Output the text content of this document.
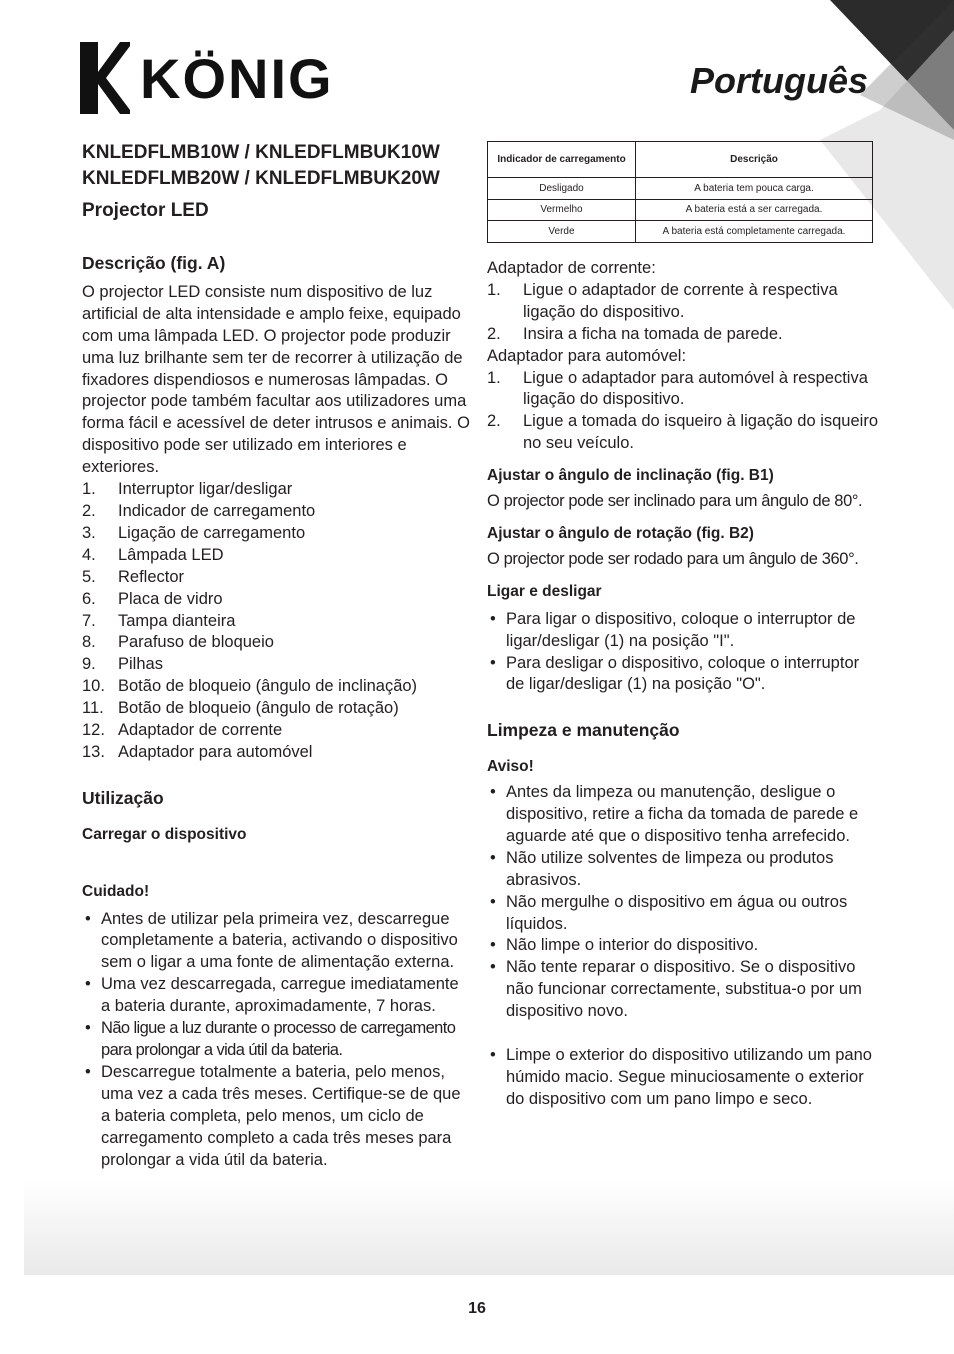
KÖNIG	Português
KNLEDFLMB10W / KNLEDFLMBUK10W
KNLEDFLMB20W / KNLEDFLMBUK20W
Projector LED
Descrição (fig. A)

O projector LED consiste num dispositivo de luz artificial de alta intensidade e amplo feixe, equipado com uma lâmpada LED. O projector pode produzir uma luz brilhante sem ter de recorrer à utilização de fixadores dispendiosos e numerosas lâmpadas. O projector pode também facultar aos utilizadores uma forma fácil e acessível de deter intrusos e animais. O dispositivo pode ser utilizado em interiores e exteriores.

1.	Interruptor ligar/desligar
2.	Indicador de carregamento
3.	Ligação de carregamento
4.	Lâmpada LED
5.	Reflector
6.	Placa de vidro
7.	Tampa dianteira
8.	Parafuso de bloqueio
9.	Pilhas
10. Botão de bloqueio (ângulo de inclinação)
11. Botão de bloqueio (ângulo de rotação)
12. Adaptador de corrente
13. Adaptador para automóvel
Utilização
Carregar o dispositivo
Cuidado!
• Antes de utilizar pela primeira vez, descarregue completamente a bateria, activando o dispositivo sem o ligar a uma fonte de alimentação externa.
• Uma vez descarregada, carregue imediatamente a bateria durante, aproximadamente, 7 horas.
• Não ligue a luz durante o processo de carregamento para prolongar a vida útil da bateria.
• Descarregue totalmente a bateria, pelo menos, uma vez a cada três meses. Certifique-se de que a bateria completa, pelo menos, um ciclo de carregamento completo a cada três meses para prolongar a vida útil da bateria.
Indicador de carregamento	Descrição
Desligado	A bateria tem pouca carga.
Vermelho	A bateria está a ser carregada.
Verde	A bateria está completamente carregada.

Adaptador de corrente:

1.	Ligue o adaptador de corrente à respectiva ligação do dispositivo.
2.	Insira a ficha na tomada de parede.

Adaptador para automóvel:

1.	Ligue o adaptador para automóvel à respectiva ligação do dispositivo.
2.	Ligue a tomada do isqueiro à ligação do isqueiro no seu veículo.
Ajustar o ângulo de inclinação (fig. B1)

O projector pode ser inclinado para um ângulo de 80°.

Ajustar o ângulo de rotação (fig. B2)

O projector pode ser rodado para um ângulo de 360°.

Ligar e desligar
• Para ligar o dispositivo, coloque o interruptor de ligar/desligar (1) na posição "I".
• Para desligar o dispositivo, coloque o interruptor de ligar/desligar (1) na posição "O".
Limpeza e manutenção
Aviso!
• Antes da limpeza ou manutenção, desligue o dispositivo, retire a ficha da tomada de parede e aguarde até que o dispositivo tenha arrefecido.
• Não utilize solventes de limpeza ou produtos abrasivos.
• Não mergulhe o dispositivo em água ou outros líquidos.
• Não limpe o interior do dispositivo.
• Não tente reparar o dispositivo. Se o dispositivo não funcionar correctamente, substitua-o por um dispositivo novo.
• Limpe o exterior do dispositivo utilizando um pano húmido macio. Segue minuciosamente o exterior do dispositivo com um pano limpo e seco.
16
